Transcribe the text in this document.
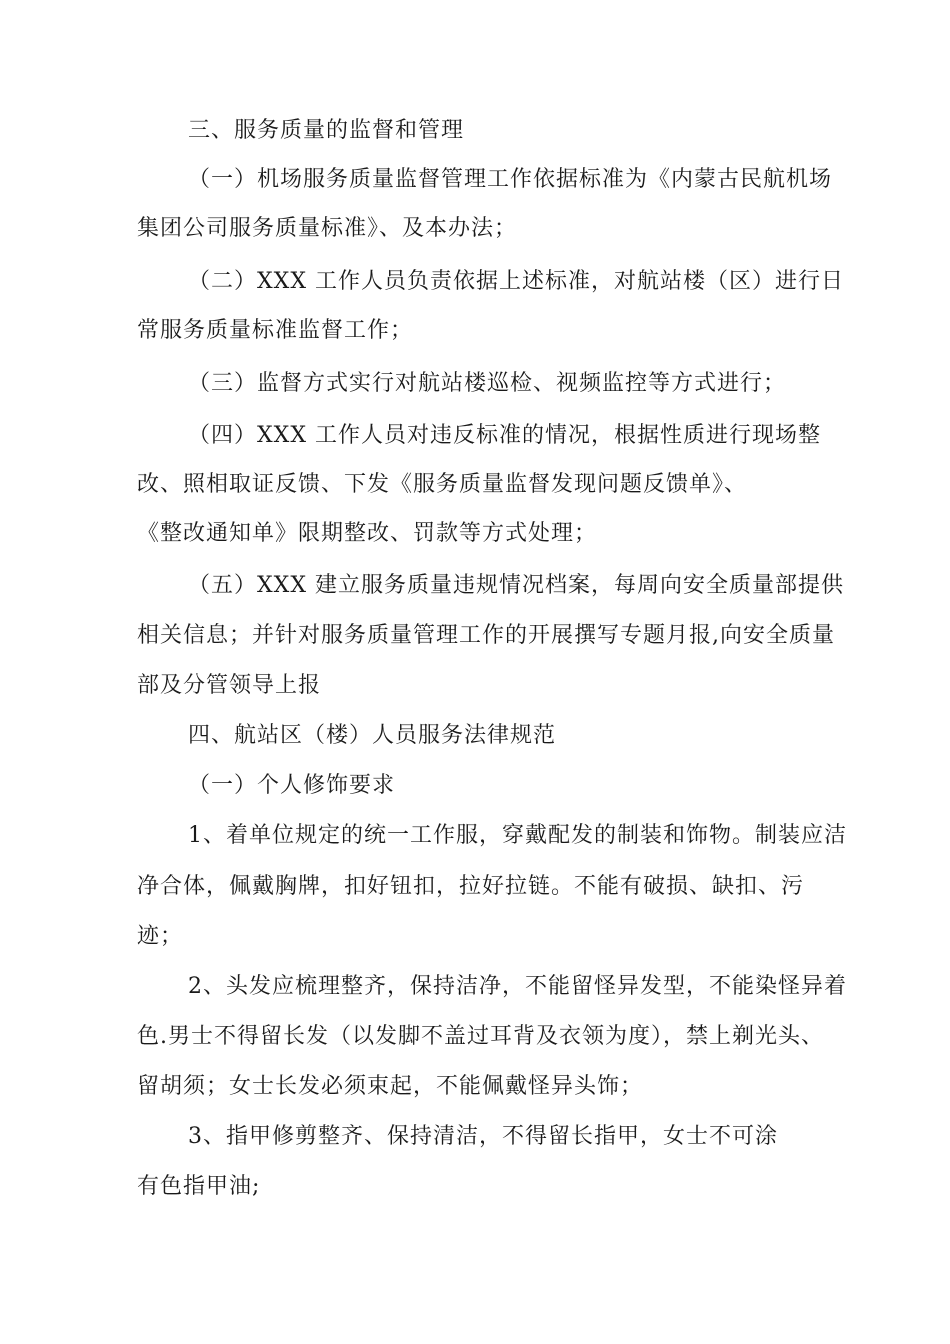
三、服务质量的监督和管理
（一）机场服务质量监督管理工作依据标准为《内蒙古民航机场
集团公司服务质量标准》、及本办法；
（二）XXX 工作人员负责依据上述标准，对航站楼（区）进行日
常服务质量标准监督工作；
（三）监督方式实行对航站楼巡检、视频监控等方式进行；
（四）XXX 工作人员对违反标准的情况，根据性质进行现场整
改、照相取证反馈、下发《服务质量监督发现问题反馈单》、
《整改通知单》限期整改、罚款等方式处理；
（五）XXX 建立服务质量违规情况档案，每周向安全质量部提供
相关信息；并针对服务质量管理工作的开展撰写专题月报,向安全质量
部及分管领导上报
四、航站区（楼）人员服务法律规范
（一）个人修饰要求
1、着单位规定的统一工作服，穿戴配发的制装和饰物。制装应洁
净合体，佩戴胸牌，扣好钮扣，拉好拉链。不能有破损、缺扣、污
迹；
2、头发应梳理整齐，保持洁净，不能留怪异发型，不能染怪异着
色.男士不得留长发（以发脚不盖过耳背及衣领为度），禁上剃光头、
留胡须；女士长发必须束起，不能佩戴怪异头饰；
3、指甲修剪整齐、保持清洁，不得留长指甲，女士不可涂
有色指甲油;
